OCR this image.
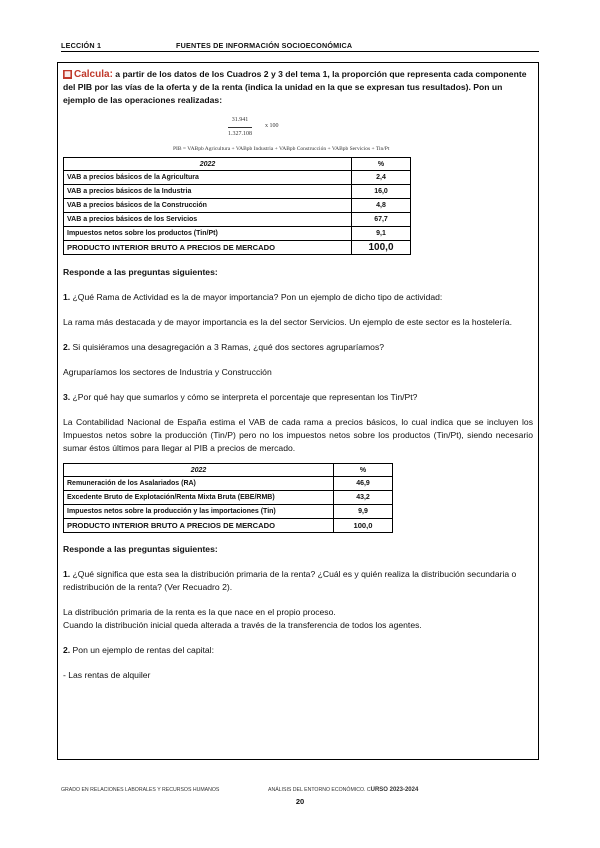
LECCIÓN 1	FUENTES DE INFORMACIÓN SOCIOECONÓMICA

▦ Calcula: a partir de los datos de los Cuadros 2 y 3 del tema 1, la proporción que representa cada componente del PIB por las vías de la oferta y de la renta (indica la unidad en la que se expresan tus resultados). Pon un ejemplo de las operaciones realizadas:

$\frac{31.941}{1.327.108}$ x 100
PIB = VABpb Agricultura + VABpb Industria + VABpb Construcción + VABpb Servicios + Tin/Pt
2022	%
VAB a precios básicos de la Agricultura	2,4
VAB a precios básicos de la Industria	16,0
VAB a precios básicos de la Construcción	4,8
VAB a precios básicos de los Servicios	67,7
Impuestos netos sobre los productos (Tin/Pt)	9,1
PRODUCTO INTERIOR BRUTO A PRECIOS DE MERCADO	100,0

Responde a las preguntas siguientes:

1. ¿Qué Rama de Actividad es la de mayor importancia? Pon un ejemplo de dicho tipo de actividad:

La rama más destacada y de mayor importancia es la del sector Servicios. Un ejemplo de este sector es la hostelería.

2. Si quisiéramos una desagregación a 3 Ramas, ¿qué dos sectores agruparíamos?

Agruparíamos los sectores de Industria y Construcción

3. ¿Por qué hay que sumarlos y cómo se interpreta el porcentaje que representan los Tin/Pt?

La Contabilidad Nacional de España estima el VAB de cada rama a precios básicos, lo cual indica que se incluyen los Impuestos netos sobre la producción (Tin/P) pero no los impuestos netos sobre los productos (Tin/Pt), siendo necesario sumar éstos últimos para llegar al PIB a precios de mercado.

2022	%
Remuneración de los Asalariados (RA)	46,9
Excedente Bruto de Explotación/Renta Mixta Bruta (EBE/RMB)	43,2
Impuestos netos sobre la producción y las importaciones (Tin)	9,9
PRODUCTO INTERIOR BRUTO A PRECIOS DE MERCADO	100,0

Responde a las preguntas siguientes:

1. ¿Qué significa que esta sea la distribución primaria de la renta? ¿Cuál es y quién realiza la distribución secundaria o redistribución de la renta? (Ver Recuadro 2).

La distribución primaria de la renta es la que nace en el propio proceso.

Cuando la distribución inicial queda alterada a través de la transferencia de todos los agentes.

2. Pon un ejemplo de rentas del capital:

- Las rentas de alquiler

GRADO EN RELACIONES LABORALES Y RECURSOS HUMANOS	ANÁLISIS DEL ENTORNO ECONÓMICO. CURSO 2023-2024
20
